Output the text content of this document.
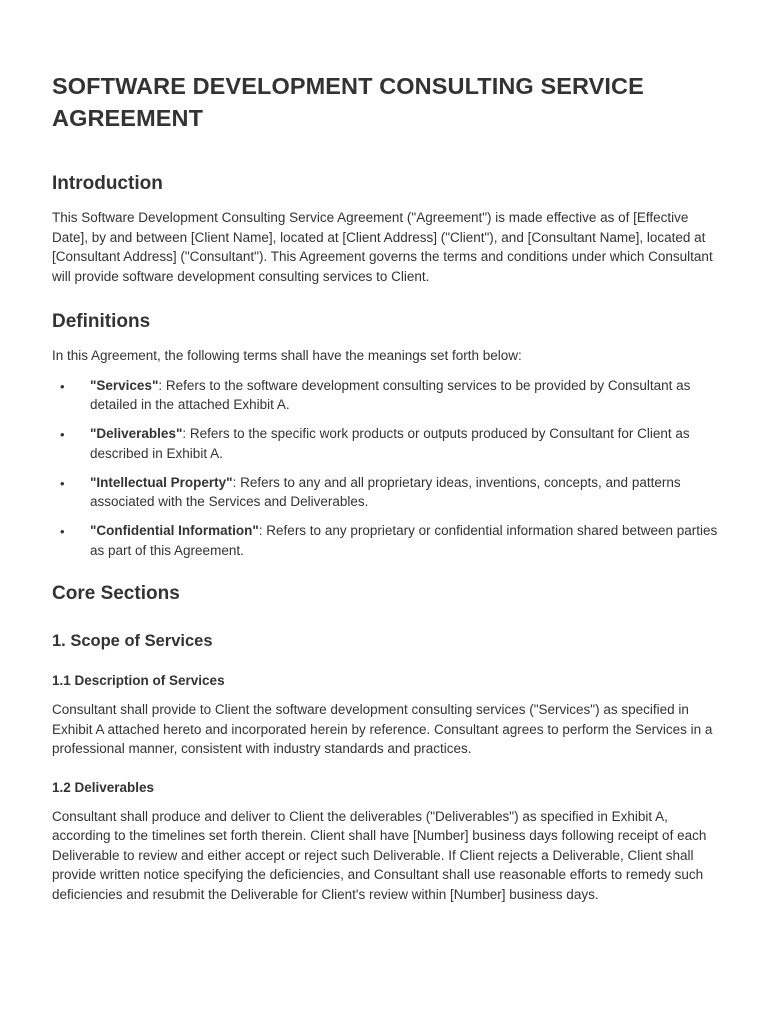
SOFTWARE DEVELOPMENT CONSULTING SERVICE AGREEMENT
Introduction

This Software Development Consulting Service Agreement ("Agreement") is made effective as of [Effective Date], by and between [Client Name], located at [Client Address] ("Client"), and [Consultant Name], located at [Consultant Address] ("Consultant"). This Agreement governs the terms and conditions under which Consultant will provide software development consulting services to Client.

Definitions

In this Agreement, the following terms shall have the meanings set forth below:

• "Services": Refers to the software development consulting services to be provided by Consultant as detailed in the attached Exhibit A.
• "Deliverables": Refers to the specific work products or outputs produced by Consultant for Client as described in Exhibit A.
• "Intellectual Property": Refers to any and all proprietary ideas, inventions, concepts, and patterns associated with the Services and Deliverables.
• "Confidential Information": Refers to any proprietary or confidential information shared between parties as part of this Agreement.
Core Sections
1. Scope of Services
1.1 Description of Services

Consultant shall provide to Client the software development consulting services ("Services") as specified in Exhibit A attached hereto and incorporated herein by reference. Consultant agrees to perform the Services in a professional manner, consistent with industry standards and practices.

1.2 Deliverables

Consultant shall produce and deliver to Client the deliverables ("Deliverables") as specified in Exhibit A, according to the timelines set forth therein. Client shall have [Number] business days following receipt of each Deliverable to review and either accept or reject such Deliverable. If Client rejects a Deliverable, Client shall provide written notice specifying the deficiencies, and Consultant shall use reasonable efforts to remedy such deficiencies and resubmit the Deliverable for Client's review within [Number] business days.
